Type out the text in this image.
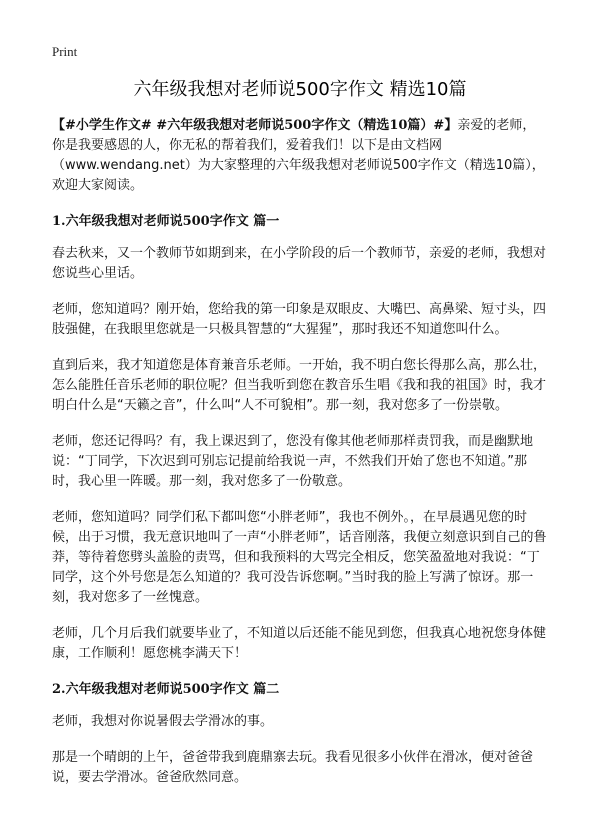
Print
六年级我想对老师说500字作文 精选10篇

【#小学生作文# #六年级我想对老师说500字作文（精选10篇）#】亲爱的老师，你是我要感恩的人，你无私的帮着我们，爱着我们！以下是由文档网（www.wendang.net）为大家整理的六年级我想对老师说500字作文（精选10篇），欢迎大家阅读。

1.六年级我想对老师说500字作文 篇一

春去秋来，又一个教师节如期到来，在小学阶段的后一个教师节，亲爱的老师，我想对您说些心里话。

老师，您知道吗？刚开始，您给我的第一印象是双眼皮、大嘴巴、高鼻梁、短寸头，四肢强健，在我眼里您就是一只极具智慧的“大猩猩”，那时我还不知道您叫什么。

直到后来，我才知道您是体育兼音乐老师。一开始，我不明白您长得那么高，那么壮，怎么能胜任音乐老师的职位呢？但当我听到您在教音乐生唱《我和我的祖国》时，我才明白什么是“天籁之音”，什么叫“人不可貌相”。那一刻，我对您多了一份崇敬。

老师，您还记得吗？有，我上课迟到了，您没有像其他老师那样责罚我，而是幽默地说：“丁同学，下次迟到可别忘记提前给我说一声，不然我们开始了您也不知道。”那时，我心里一阵暖。那一刻，我对您多了一份敬意。

老师，您知道吗？同学们私下都叫您“小胖老师”，我也不例外。，在早晨遇见您的时候，出于习惯，我无意识地叫了一声“小胖老师”，话音刚落，我便立刻意识到自己的鲁莽，等待着您劈头盖脸的责骂，但和我预料的大骂完全相反，您笑盈盈地对我说：“丁同学，这个外号您是怎么知道的？我可没告诉您啊。”当时我的脸上写满了惊讶。那一刻，我对您多了一丝愧意。

老师，几个月后我们就要毕业了，不知道以后还能不能见到您，但我真心地祝您身体健康，工作顺利！愿您桃李满天下！

2.六年级我想对老师说500字作文 篇二

老师，我想对你说暑假去学滑冰的事。

那是一个晴朗的上午，爸爸带我到鹿鼎寨去玩。我看见很多小伙伴在滑冰，便对爸爸说，要去学滑冰。爸爸欣然同意。
